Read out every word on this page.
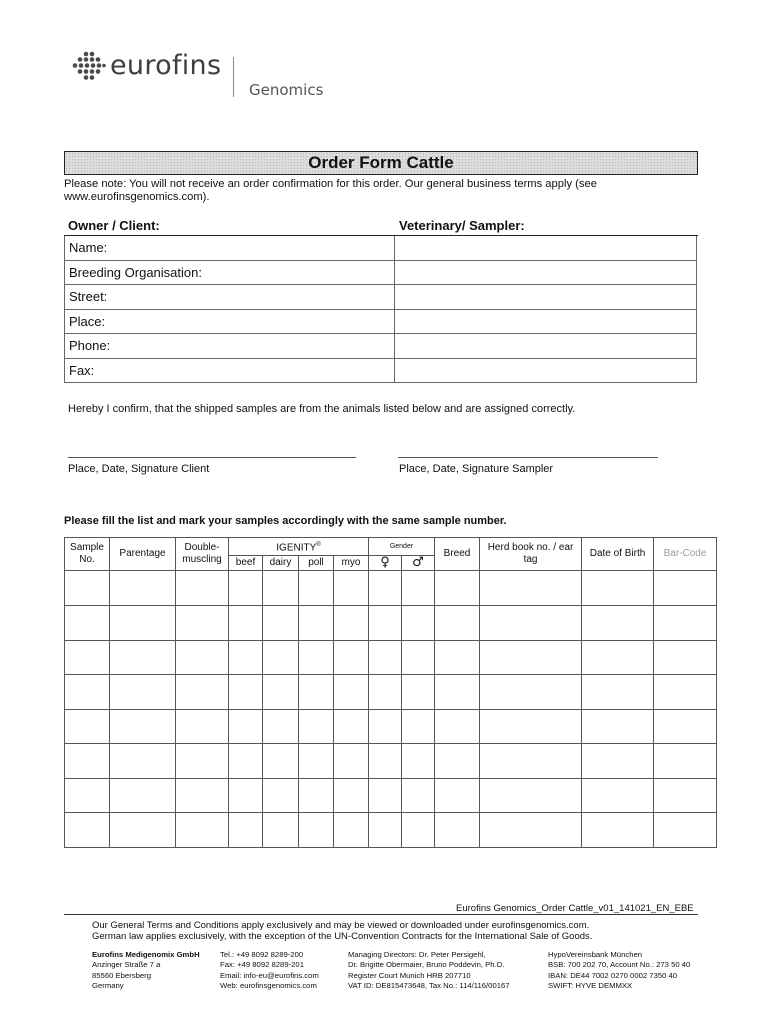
eurofins
Genomics
Order Form Cattle
Please note: You will not receive an order confirmation for this order. Our general business terms apply (see www.eurofinsgenomics.com).
Owner / Client:	Veterinary/ Sampler:
Name:	
Breeding Organisation:	
Street:	
Place:	
Phone:	
Fax:	
Hereby I confirm, that the shipped samples are from the animals listed below and are assigned correctly.
Place, Date, Signature Client	Place, Date, Signature Sampler
Please fill the list and mark your samples accordingly with the same sample number.
Sample No.	Parentage	Double-muscling	IGENITY®				Gender		Breed	Herd book no. / ear tag	Date of Birth	Bar-Code
			beef	dairy	poll	myo	♀	♂				

Eurofins Genomics_Order Cattle_v01_141021_EN_EBE
Our General Terms and Conditions apply exclusively and may be viewed or downloaded under eurofinsgenomics.com.
German law applies exclusively, with the exception of the UN-Convention Contracts for the International Sale of Goods.
Eurofins Medigenomix GmbH
Anzinger Straße 7 a
85560 Ebersberg
Germany
Tel.: +49 8092 8289-200
Fax: +49 8092 8289-201
Email: info-eu@eurofins.com
Web: eurofinsgenomics.com
Managing Directors: Dr. Peter Persigehl,
Dr. Brigitte Obermaier, Bruno Poddevin, Ph.D.
Register Court Munich HRB 207710
VAT ID: DE815473648, Tax No.: 114/116/00167
HypoVereinsbank München
BSB: 700 202 70, Account No.: 273 50 40
IBAN: DE44 7002 0270 0002 7350 40
SWIFT: HYVE DEMMXX
